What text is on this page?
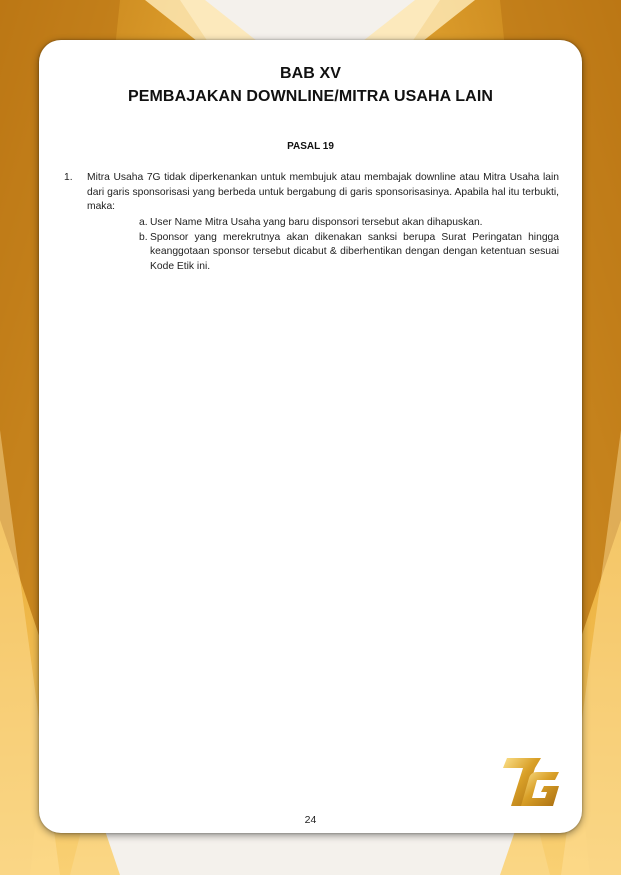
BAB XV
PEMBAJAKAN DOWNLINE/MITRA USAHA LAIN
PASAL 19
1. Mitra Usaha 7G tidak diperkenankan untuk membujuk atau membajak downline atau Mitra Usaha lain dari garis sponsorisasi yang berbeda untuk bergabung di garis sponsorisasinya. Apabila hal itu terbukti, maka:
a. User Name Mitra Usaha yang baru disponsori tersebut akan dihapuskan.
b. Sponsor yang merekrutnya akan dikenakan sanksi berupa Surat Peringatan hingga keanggotaan sponsor tersebut dicabut & diberhentikan dengan dengan ketentuan sesuai Kode Etik ini.
24
